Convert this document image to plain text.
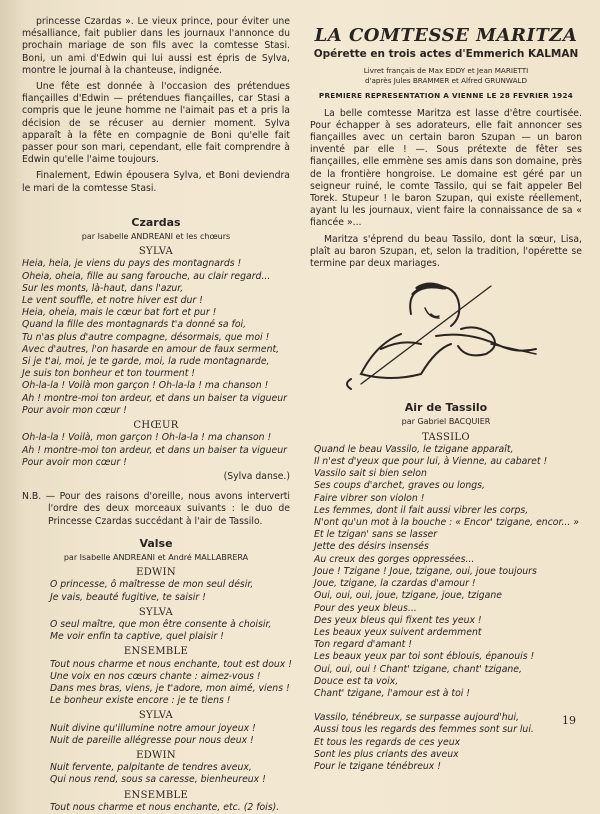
princesse Czardas ». Le vieux prince, pour éviter une mésalliance, fait publier dans les journaux l'annonce du prochain mariage de son fils avec la comtesse Stasi. Boni, un ami d'Edwin qui lui aussi est épris de Sylva, montre le journal à la chanteuse, indignée.

Une fête est donnée à l'occasion des prétendues fiançailles d'Edwin — prétendues fiançailles, car Stasi a compris que le jeune homme ne l'aimait pas et a pris la décision de se récuser au dernier moment. Sylva apparaît à la fête en compagnie de Boni qu'elle fait passer pour son mari, cependant, elle fait comprendre à Edwin qu'elle l'aime toujours.

Finalement, Edwin épousera Sylva, et Boni deviendra le mari de la comtesse Stasi.

Czardas
par Isabelle ANDREANI et les chœurs
SYLVA
Heia, heia, je viens du pays des montagnards !
Oheia, oheia, fille au sang farouche, au clair regard...
Sur les monts, là-haut, dans l'azur,
Le vent souffle, et notre hiver est dur !
Heia, oheia, mais le cœur bat fort et pur !
Quand la fille des montagnards t'a donné sa foi,
Tu n'as plus d'autre compagne, désormais, que moi !
Avec d'autres, l'on hasarde en amour de faux serment,
Si je t'ai, moi, je te garde, moi, la rude montagnarde,
Je suis ton bonheur et ton tourment !
Oh-la-la ! Voilà mon garçon ! Oh-la-la ! ma chanson !
Ah ! montre-moi ton ardeur, et dans un baiser ta vigueur
Pour avoir mon cœur !
CHŒUR
Oh-la-la ! Voilà, mon garçon ! Oh-la-la ! ma chanson !
Ah ! montre-moi ton ardeur, et dans un baiser ta vigueur
Pour avoir mon cœur !
(Sylva danse.)

N.B. — Pour des raisons d'oreille, nous avons interverti l'ordre des deux morceaux suivants : le duo de Princesse Czardas succédant à l'air de Tassilo.

Valse
par Isabelle ANDREANI et André MALLABRERA
EDWIN
O princesse, ô maîtresse de mon seul désir,
Je vais, beauté fugitive, te saisir !
SYLVA
O seul maître, que mon être consente à choisir,
Me voir enfin ta captive, quel plaisir !
ENSEMBLE
Tout nous charme et nous enchante, tout est doux !
Une voix en nos cœurs chante : aimez-vous !
Dans mes bras, viens, je t'adore, mon aimé, viens !
Le bonheur existe encore : je te tiens !
SYLVA
Nuit divine qu'illumine notre amour joyeux !
Nuit de pareille allégresse pour nous deux !
EDWIN
Nuit fervente, palpitante de tendres aveux,
Qui nous rend, sous sa caresse, bienheureux !
ENSEMBLE
Tout nous charme et nous enchante, etc. (2 fois).
LA COMTESSE MARITZA
Opérette en trois actes d'Emmerich KALMAN
Livret français de Max EDDY et Jean MARIETTI
d'après Jules BRAMMER et Alfred GRUNWALD
PREMIERE REPRESENTATION A VIENNE LE 28 FEVRIER 1924

La belle comtesse Maritza est lasse d'être courtisée. Pour échapper à ses adorateurs, elle fait annoncer ses fiançailles avec un certain baron Szupan — un baron inventé par elle ! —. Sous prétexte de fêter ses fiançailles, elle emmène ses amis dans son domaine, près de la frontière hongroise. Le domaine est géré par un seigneur ruiné, le comte Tassilo, qui se fait appeler Bel Torek. Stupeur ! le baron Szupan, qui existe réellement, ayant lu les journaux, vient faire la connaissance de sa « fiancée »...

Maritza s'éprend du beau Tassilo, dont la sœur, Lisa, plaît au baron Szupan, et, selon la tradition, l'opérette se termine par deux mariages.

Air de Tassilo
par Gabriel BACQUIER
TASSILO
Quand le beau Vassilo, le tzigane apparaît,
Il n'est d'yeux que pour lui, à Vienne, au cabaret !
Vassilo sait si bien selon
Ses coups d'archet, graves ou longs,
Faire vibrer son violon !
Les femmes, dont il fait aussi vibrer les corps,
N'ont qu'un mot à la bouche : « Encor' tzigane, encor... »
Et le tzigan' sans se lasser
Jette des désirs insensés
Au creux des gorges oppressées...
Joue ! Tzigane ! Joue, tzigane, oui, joue toujours
Joue, tzigane, la czardas d'amour !
Oui, oui, oui, joue, tzigane, joue, tzigane
Pour des yeux bleus...
Des yeux bleus qui fixent tes yeux !
Les beaux yeux suivent ardemment
Ton regard d'amant !
Les beaux yeux par toi sont éblouis, épanouis !
Oui, oui, oui ! Chant' tzigane, chant' tzigane,
Douce est ta voix,
Chant' tzigane, l'amour est à toi !
Vassilo, ténébreux, se surpasse aujourd'hui,
Aussi tous les regards des femmes sont sur lui.
Et tous les regards de ces yeux
Sont les plus criants des aveux
Pour le tzigane ténébreux !
19
